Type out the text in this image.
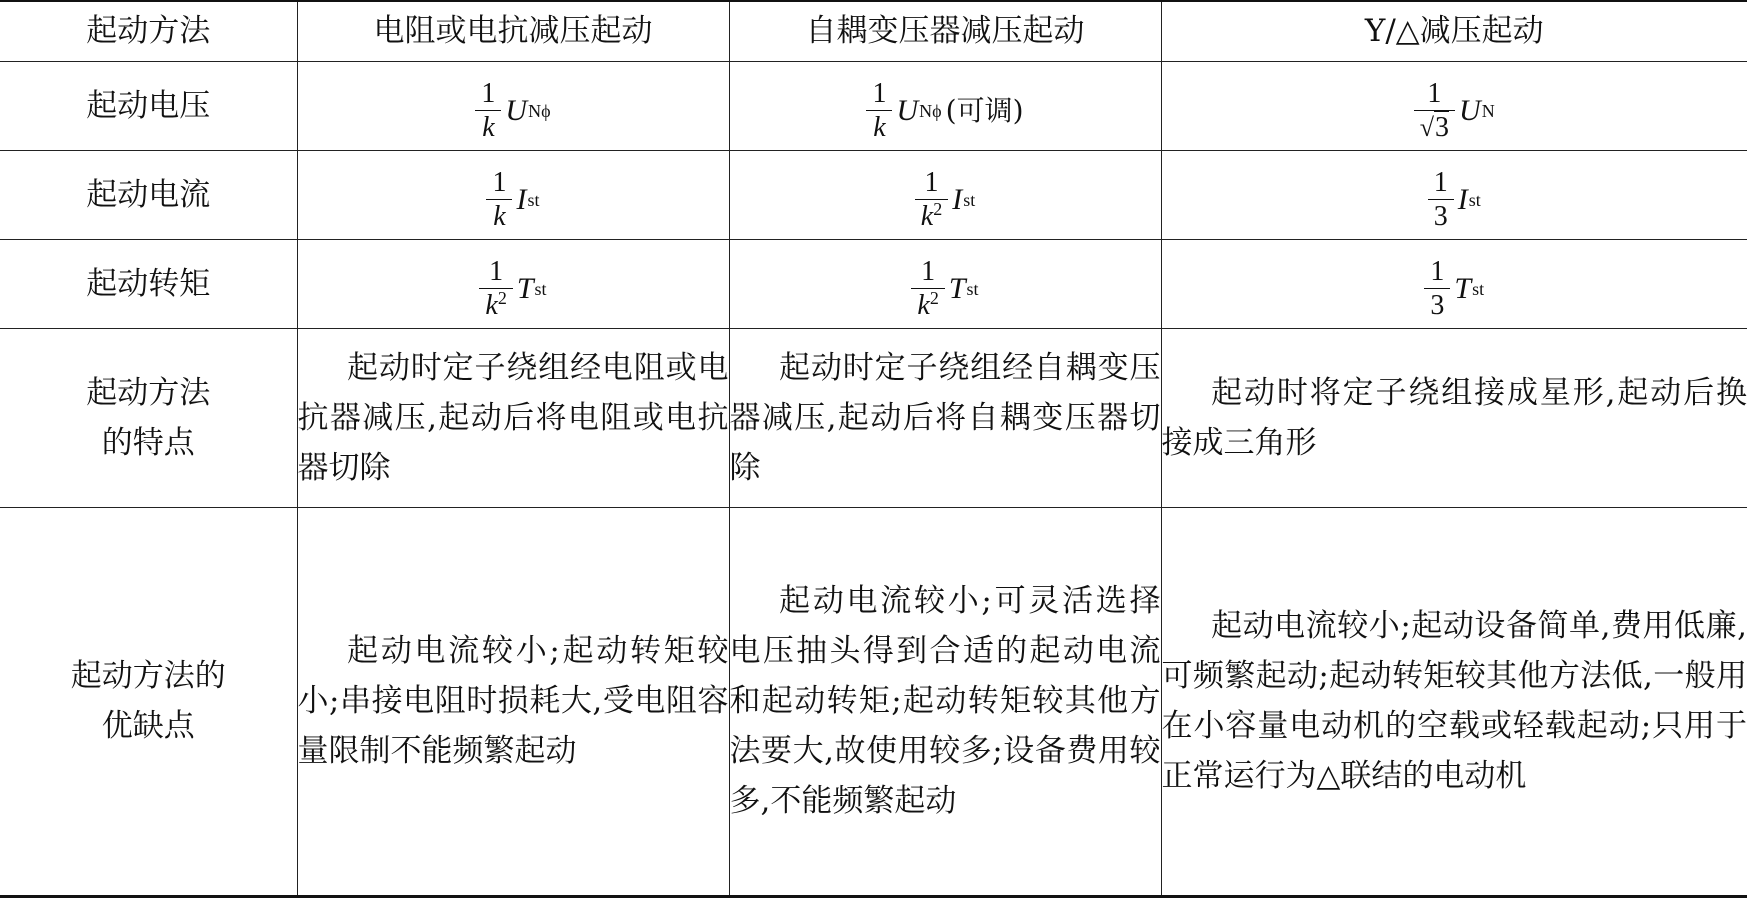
起动方法	电阻或电抗减压起动	自耦变压器减压起动	Y/△减压起动
起动电压	$\frac{1}{k}$ U Nϕ	$\frac{1}{k}$ U Nϕ (可调)	$\frac{1}{√3}$ U N

起动电流	$\frac{1}{k}$ I st	$\frac{1}{k^2}$ I st	$\frac{1}{3}$ I st

起动转矩	$\frac{1}{k^2}$ T st	$\frac{1}{k^2}$ T st	$\frac{1}{3}$ T st

起动方法
的特点	起动时定子绕组经电阻或电抗器减压,起动后将电阻或电抗器切除	起动时定子绕组经自耦变压器减压,起动后将自耦变压器切除	起动时将定子绕组接成星形,起动后换接成三角形

起动方法的
优缺点	起动电流较小;起动转矩较小;串接电阻时损耗大,受电阻容量限制不能频繁起动	起动电流较小;可灵活选择电压抽头得到合适的起动电流和起动转矩;起动转矩较其他方法要大,故使用较多;设备费用较多,不能频繁起动	起动电流较小;起动设备简单,费用低廉,可频繁起动;起动转矩较其他方法低,一般用在小容量电动机的空载或轻载起动;只用于正常运行为△联结的电动机
